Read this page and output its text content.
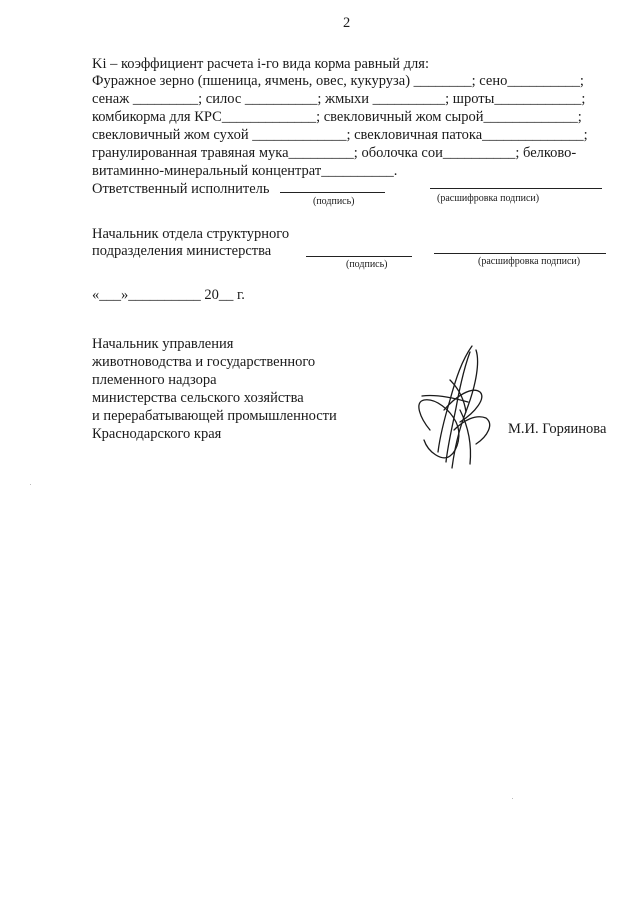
2
Ki – коэффициент расчета i-го вида корма равный для:
Фуражное зерно (пшеница, ячмень, овес, кукуруза) ________; сено__________;
сенаж _________; силос __________; жмыхи __________; шроты____________;
комбикорма для КРС_____________; свекловичный жом сырой_____________;
свекловичный жом сухой _____________; свекловичная патока______________;
гранулированная травяная мука_________; оболочка сои__________; белково-
витаминно-минеральный концентрат__________.
Ответственный исполнитель
(подпись)	(расшифровка подписи)
Начальник отдела структурного
подразделения министерства
(подпись)	(расшифровка подписи)
«___»__________ 20__ г.
Начальник управления
животноводства и государственного
племенного надзора
министерства сельского хозяйства
и перерабатывающей промышленности
Краснодарского края	М.И. Горяинова
